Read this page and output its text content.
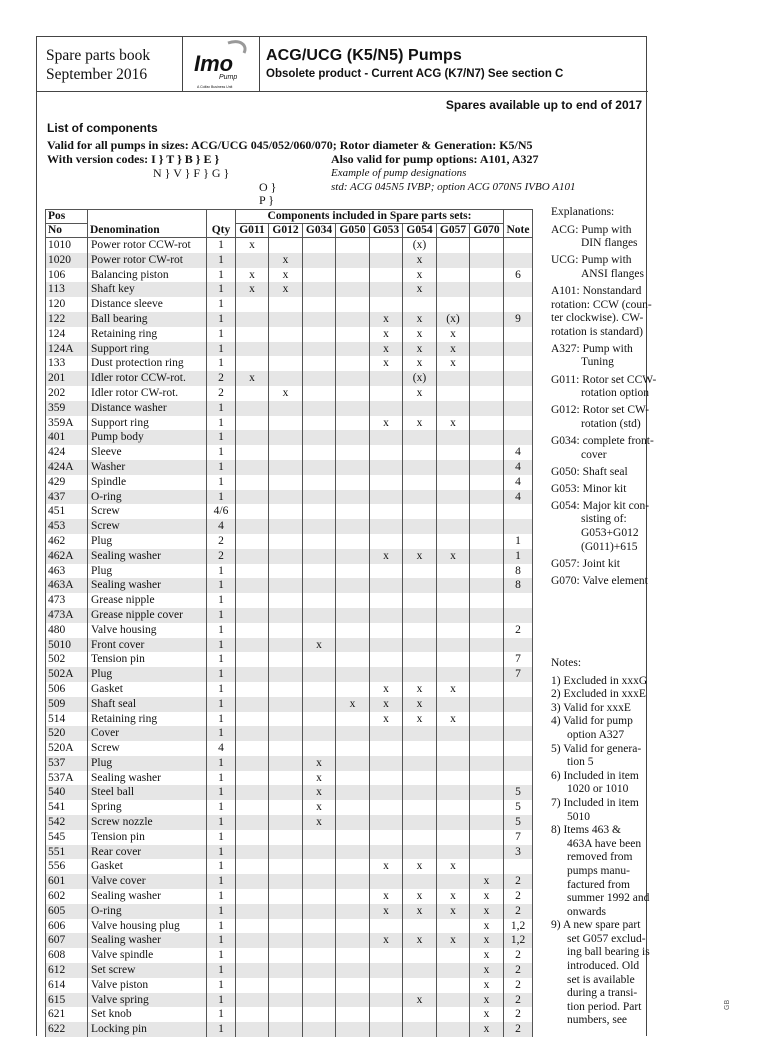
Spare parts book
September 2016	Imo
Pump
A Colfax Business Unit
ACG/UCG (K5/N5) Pumps
Obsolete product - Current ACG (K7/N7) See section C
Spares available up to end of 2017
List of components
Valid for all pumps in sizes: ACG/UCG 045/052/060/070; Rotor diameter & Generation: K5/N5
With version codes: I } T } B } E }	Also valid for pump options: A101, A327
N } V } F } G }	Example of pump designations
O }	std: ACG 045N5 IVBP; option ACG 070N5 IVBO A101
P }
Pos			Components included in Spare parts sets:								
No	Denomination	Qty	G011	G012	G034	G050	G053	G054	G057	G070	Note
1010	Power rotor CCW-rot	1	x					(x)			
1020	Power rotor CW-rot	1		x				x			
106	Balancing piston	1	x	x				x			6
113	Shaft key	1	x	x				x			
120	Distance sleeve	1									
122	Ball bearing	1					x	x	(x)		9
124	Retaining ring	1					x	x	x		
124A	Support ring	1					x	x	x		
133	Dust protection ring	1					x	x	x		
201	Idler rotor CCW-rot.	2	x					(x)			
202	Idler rotor CW-rot.	2		x				x			
359	Distance washer	1									
359A	Support ring	1					x	x	x		
401	Pump body	1									
424	Sleeve	1									4
424A	Washer	1									4
429	Spindle	1									4
437	O-ring	1									4
451	Screw	4/6									
453	Screw	4									
462	Plug	2									1
462A	Sealing washer	2					x	x	x		1
463	Plug	1									8
463A	Sealing washer	1									8
473	Grease nipple	1									
473A	Grease nipple cover	1									
480	Valve housing	1									2
5010	Front cover	1			x						
502	Tension pin	1									7
502A	Plug	1									7
506	Gasket	1					x	x	x		
509	Shaft seal	1				x	x	x			
514	Retaining ring	1					x	x	x		
520	Cover	1									
520A	Screw	4									
537	Plug	1			x						
537A	Sealing washer	1			x						
540	Steel ball	1			x						5
541	Spring	1			x						5
542	Screw nozzle	1			x						5
545	Tension pin	1									7
551	Rear cover	1									3
556	Gasket	1					x	x	x		
601	Valve cover	1								x	2
602	Sealing washer	1					x	x	x	x	2
605	O-ring	1					x	x	x	x	2
606	Valve housing plug	1								x	1,2
607	Sealing washer	1					x	x	x	x	1,2
608	Valve spindle	1								x	2
612	Set screw	1								x	2
614	Valve piston	1								x	2
615	Valve spring	1						x		x	2
621	Set knob	1								x	2
622	Locking pin	1								x	2
Explanations:
ACG: Pump with
DIN flanges
UCG: Pump with
ANSI flanges
A101: Nonstandard
rotation: CCW (coun-
ter clockwise). CW-
rotation is standard)
A327: Pump with
Tuning
G011: Rotor set CCW-
rotation option
G012: Rotor set CW-
rotation (std)
G034: complete front-
cover
G050: Shaft seal
G053: Minor kit
G054: Major kit con-
sisting of:
G053+G012
(G011)+615
G057: Joint kit
G070: Valve element
Notes:
1) Excluded in xxxG
2) Excluded in xxxE
3) Valid for xxxE
4) Valid for pump
option A327
5) Valid for genera-
tion 5
6) Included in item
1020 or 1010
7) Included in item
5010
8) Items 463 &
463A have been
removed from
pumps manu-
factured from
summer 1992 and
onwards
9) A new spare part
set G057 exclud-
ing ball bearing is
introduced. Old
set is available
during a transi-
tion period. Part
numbers, see
GB
